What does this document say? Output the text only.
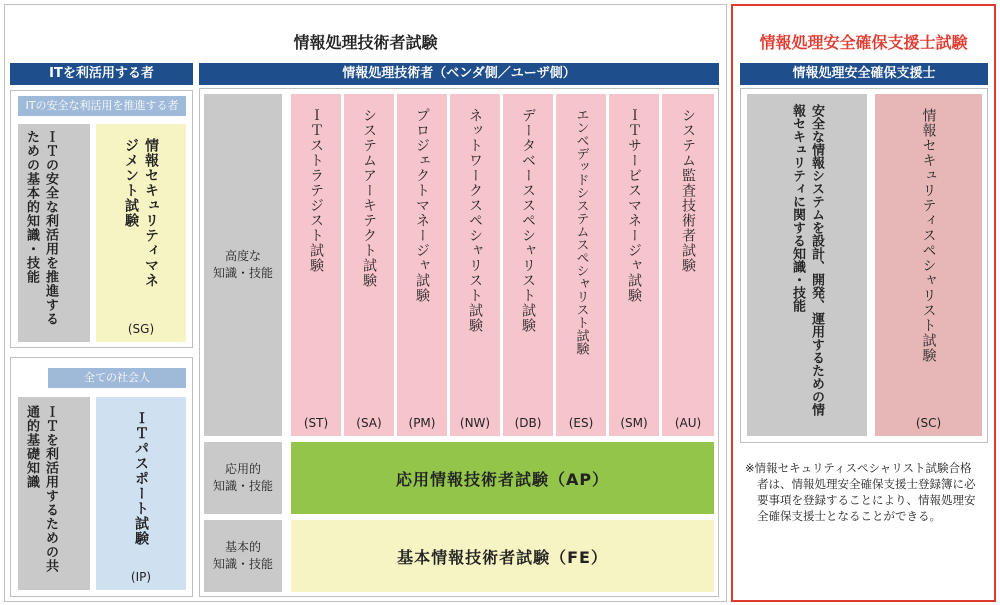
情報処理技術者試験
ITを利活用する者
ITの安全な利活用を推進する者
ＩＴの安全な利活用を推進するための基本的知識・技能	情報セキュリティマネジメント試験
(SG)
全ての社会人
ＩＴを利活用するための共通的基礎知識	ＩＴパスポート試験
(IP)
情報処理技術者（ベンダ側／ユーザ側）
高度な
知識・技能
応用的
知識・技能
基本的
知識・技能
ＩＴストラテジスト試験
(ST)
システムアーキテクト試験
(SA)
プロジェクトマネージャ試験
(PM)
ネットワークスペシャリスト試験
(NW)
データベーススペシャリスト試験
(DB)
エンベデッドシステムスペシャリスト試験
(ES)
ＩＴサービスマネージャ試験
(SM)
システム監査技術者試験
(AU)
応用情報技術者試験（AP）
基本情報技術者試験（FE）
情報処理安全確保支援士試験
情報処理安全確保支援士
安全な情報システムを設計、開発、運用するための情報セキュリティに関する知識・技能	情報セキュリティスペシャリスト試験
(SC)
※情報セキュリティスペシャリスト試験合格者は、情報処理安全確保支援士登録簿に必要事項を登録することにより、情報処理安全確保支援士となることができる。
